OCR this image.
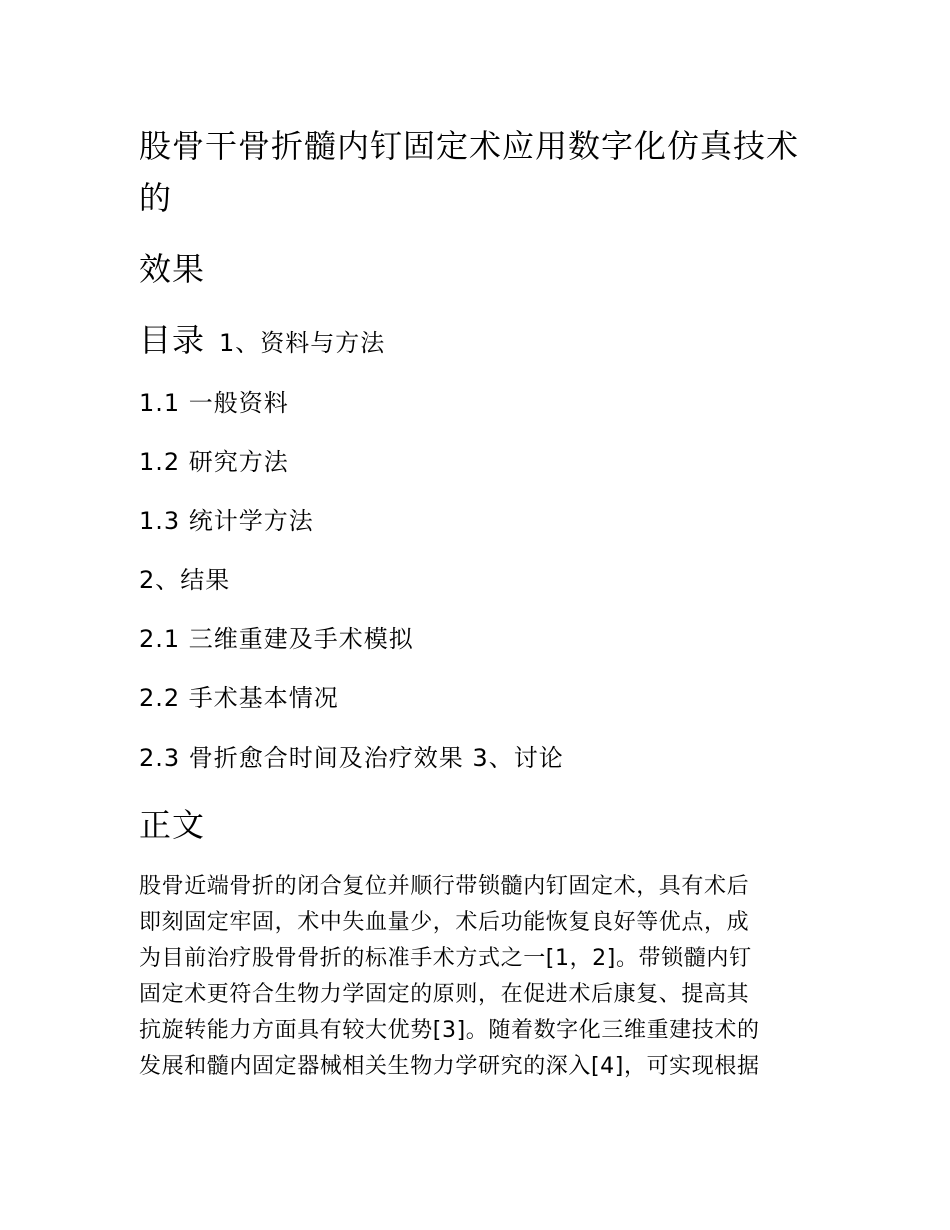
股骨干骨折髓内钉固定术应用数字化仿真技术的
效果
目录 1、资料与方法
1.1 一般资料
1.2 研究方法
1.3 统计学方法
2、结果
2.1 三维重建及手术模拟
2.2 手术基本情况
2.3 骨折愈合时间及治疗效果 3、讨论
正文
股骨近端骨折的闭合复位并顺行带锁髓内钉固定术，具有术后
即刻固定牢固，术中失血量少，术后功能恢复良好等优点，成
为目前治疗股骨骨折的标准手术方式之一[1，2]。带锁髓内钉
固定术更符合生物力学固定的原则，在促进术后康复、提高其
抗旋转能力方面具有较大优势[3]。随着数字化三维重建技术的
发展和髓内固定器械相关生物力学研究的深入[4]，可实现根据
